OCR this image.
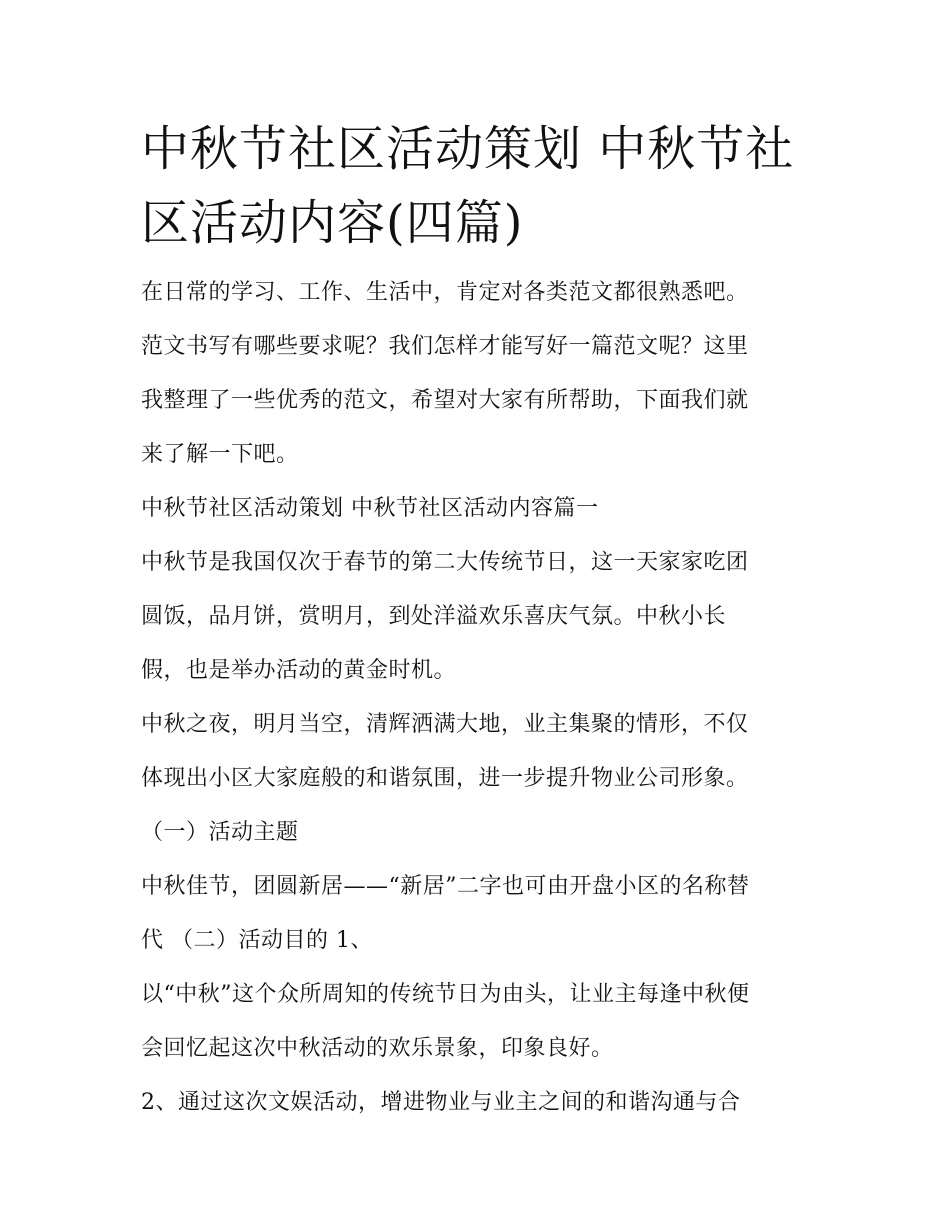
中秋节社区活动策划 中秋节社
区活动内容(四篇)

在日常的学习、工作、生活中，肯定对各类范文都很熟悉吧。

范文书写有哪些要求呢？我们怎样才能写好一篇范文呢？这里

我整理了一些优秀的范文，希望对大家有所帮助，下面我们就

来了解一下吧。

中秋节社区活动策划 中秋节社区活动内容篇一

中秋节是我国仅次于春节的第二大传统节日，这一天家家吃团

圆饭，品月饼，赏明月，到处洋溢欢乐喜庆气氛。中秋小长

假，也是举办活动的黄金时机。

中秋之夜，明月当空，清辉洒满大地，业主集聚的情形，不仅

体现出小区大家庭般的和谐氛围，进一步提升物业公司形象。

（一）活动主题

中秋佳节，团圆新居——“新居”二字也可由开盘小区的名称替

代 （二）活动目的 1、

以“中秋”这个众所周知的传统节日为由头，让业主每逢中秋便

会回忆起这次中秋活动的欢乐景象，印象良好。

2、通过这次文娱活动，增进物业与业主之间的和谐沟通与合
